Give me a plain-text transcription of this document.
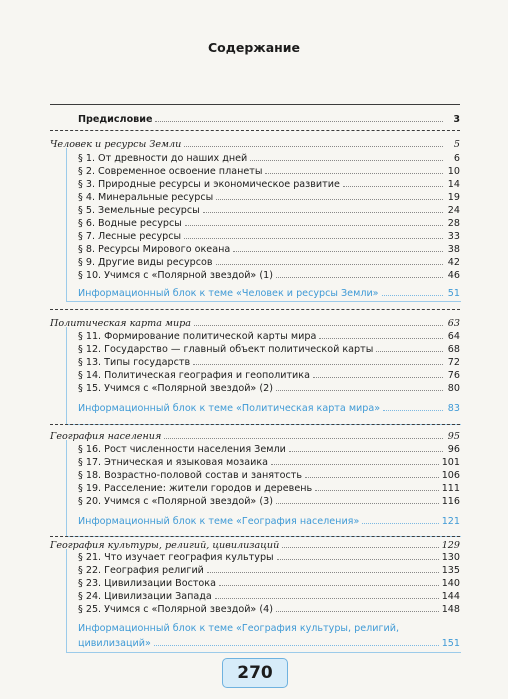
Содержание
Предисловие	3
Человек и ресурсы Земли	5
§ 1. От древности до наших дней	6
§ 2. Современное освоение планеты	10
§ 3. Природные ресурсы и экономическое развитие	14
§ 4. Минеральные ресурсы	19
§ 5. Земельные ресурсы	24
§ 6. Водные ресурсы	28
§ 7. Лесные ресурсы	33
§ 8. Ресурсы Мирового океана	38
§ 9. Другие виды ресурсов	42
§ 10. Учимся с «Полярной звездой» (1)	46
Информационный блок к теме «Человек и ресурсы Земли»	51
Политическая карта мира	63
§ 11. Формирование политической карты мира	64
§ 12. Государство — главный объект политической карты	68
§ 13. Типы государств	72
§ 14. Политическая география и геополитика	76
§ 15. Учимся с «Полярной звездой» (2)	80
Информационный блок к теме «Политическая карта мира»	83
География населения	95
§ 16. Рост численности населения Земли	96
§ 17. Этническая и языковая мозаика	101
§ 18. Возрастно-половой состав и занятость	106
§ 19. Расселение: жители городов и деревень	111
§ 20. Учимся с «Полярной звездой» (3)	116
Информационный блок к теме «География населения»	121
География культуры, религий, цивилизаций	129
§ 21. Что изучает география культуры	130
§ 22. География религий	135
§ 23. Цивилизации Востока	140
§ 24. Цивилизации Запада	144
§ 25. Учимся с «Полярной звездой» (4)	148
Информационный блок к теме «География культуры, религий,
цивилизаций»	151
270
